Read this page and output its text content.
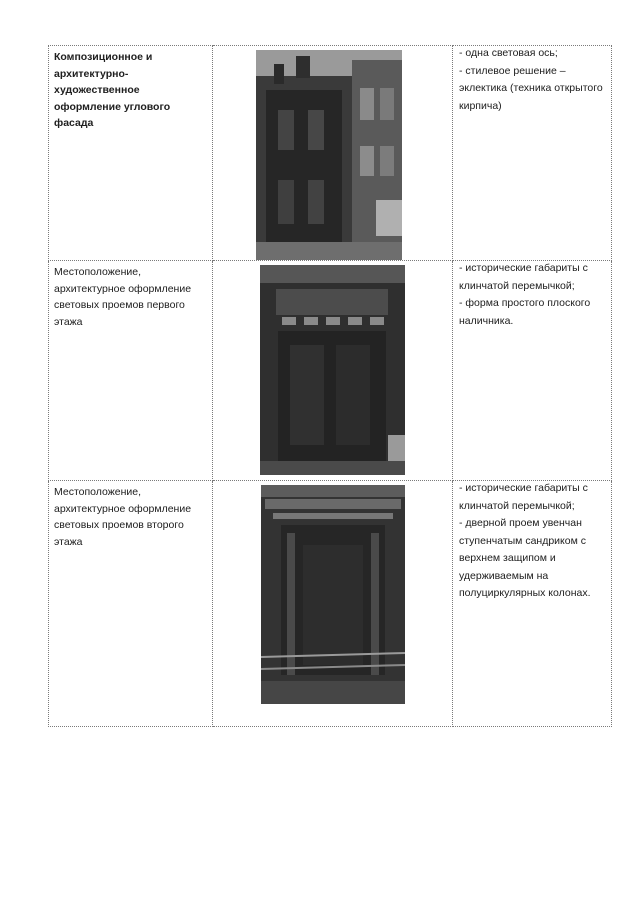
Композиционное и архитектурно-художественное оформление углового фасада		- одна световая ось;
- стилевое решение – эклектика (техника открытого кирпича)

Местоположение, архитектурное оформление световых проемов первого этажа		- исторические габариты с клинчатой перемычкой;
- форма простого плоского наличника.

Местоположение, архитектурное оформление световых проемов второго этажа		- исторические габариты с клинчатой перемычкой;
- дверной проем увенчан ступенчатым сандриком с верхнем защипом и удерживаемым на полуциркулярных колонах.
